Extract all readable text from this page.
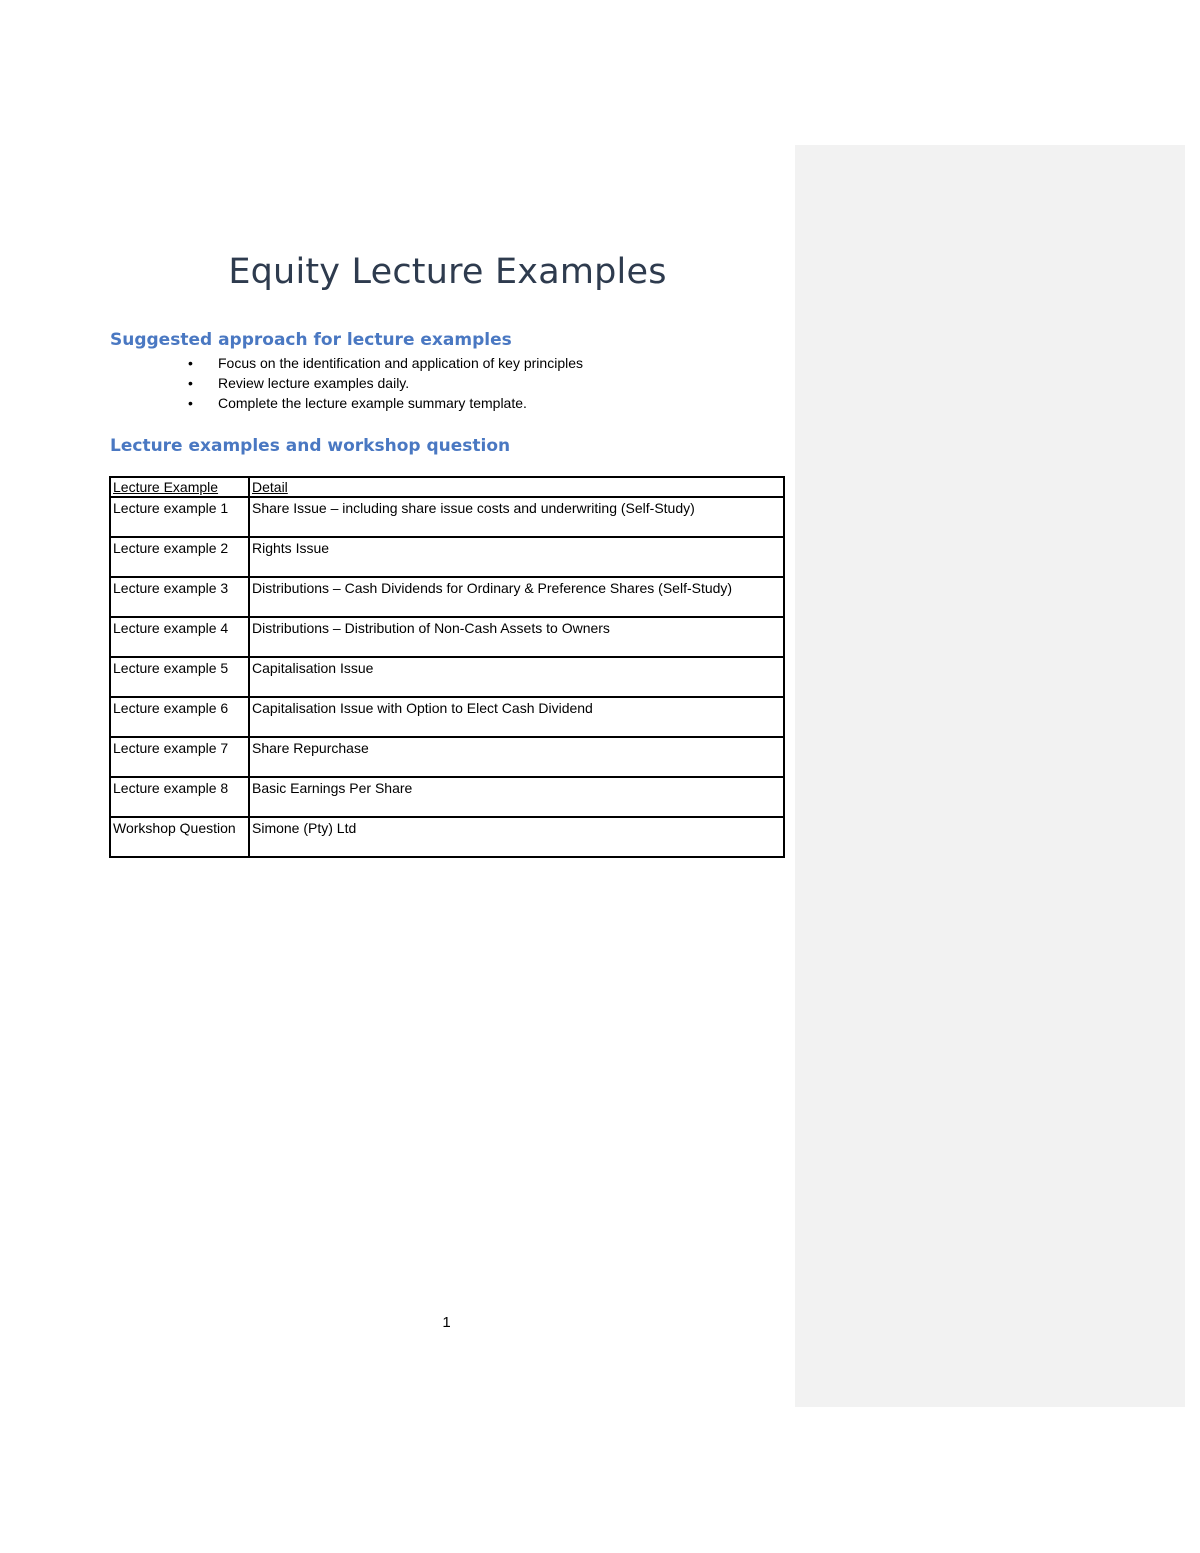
Equity Lecture Examples
Suggested approach for lecture examples
• Focus on the identification and application of key principles
• Review lecture examples daily.
• Complete the lecture example summary template.
Lecture examples and workshop question
Lecture Example	Detail
Lecture example 1	Share Issue – including share issue costs and underwriting (Self-Study)
Lecture example 2	Rights Issue
Lecture example 3	Distributions – Cash Dividends for Ordinary & Preference Shares (Self-Study)
Lecture example 4	Distributions – Distribution of Non-Cash Assets to Owners
Lecture example 5	Capitalisation Issue
Lecture example 6	Capitalisation Issue with Option to Elect Cash Dividend
Lecture example 7	Share Repurchase
Lecture example 8	Basic Earnings Per Share
Workshop Question	Simone (Pty) Ltd
1
